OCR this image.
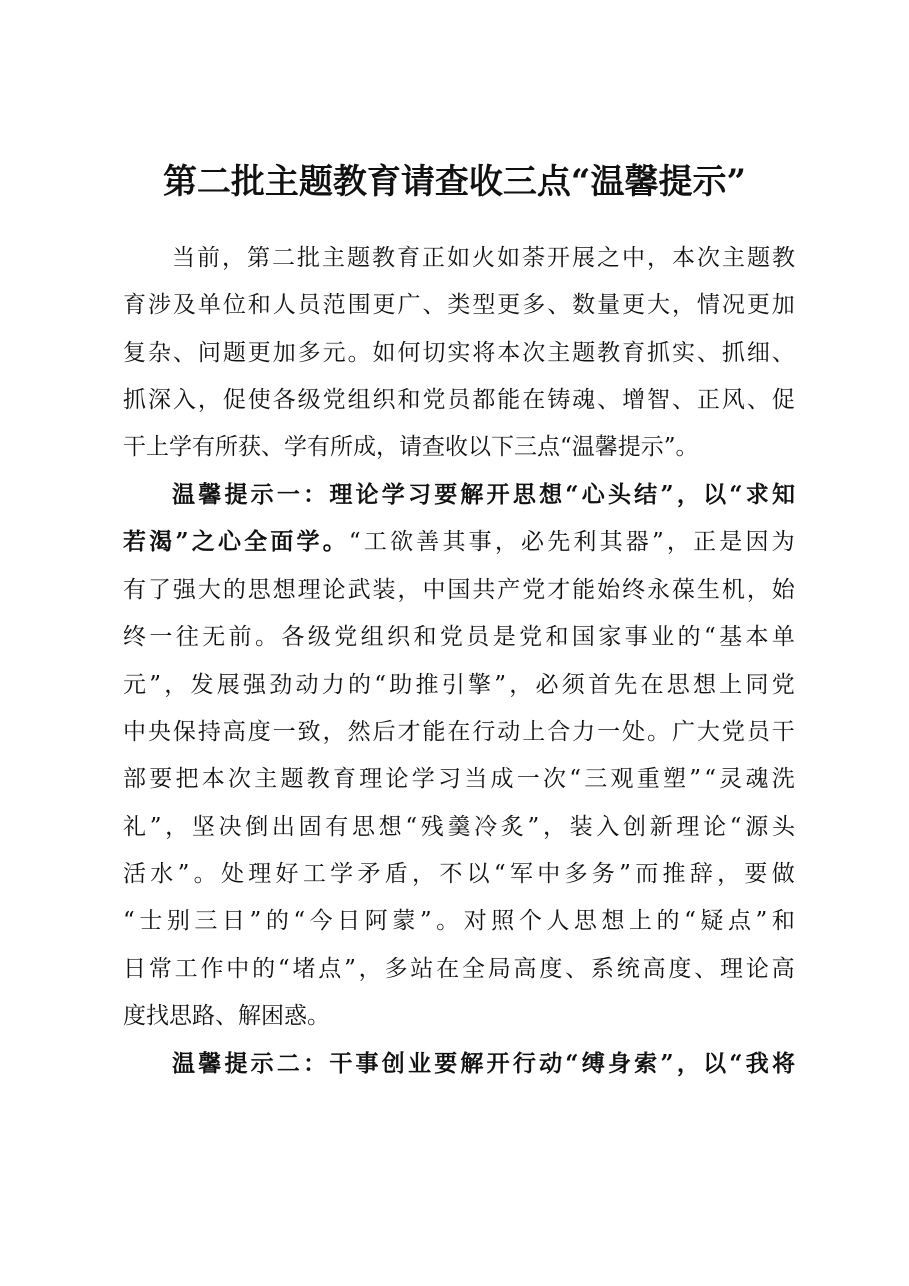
第二批主题教育请查收三点“温馨提示”
当 前 ， 第 二 批 主 题 教 育 正 如 火 如 荼 开 展 之 中 ， 本 次 主 题 教
育 涉 及 单 位 和 人 员 范 围 更 广 、 类 型 更 多 、 数 量 更 大 ， 情 况 更 加
复 杂 、 问 题 更 加 多 元 。 如 何 切 实 将 本 次 主 题 教 育 抓 实 、 抓 细 、
抓 深 入 ， 促 使 各 级 党 组 织 和 党 员 都 能 在 铸 魂 、 增 智 、 正 风 、 促
干 上 学 有 所 获 、 学 有 所 成 ， 请 查 收 以 下 三 点 “ 温 馨 提 示 ” 。
温 馨 提 示 一 ： 理 论 学 习 要 解 开 思 想 “ 心 头 结 ” ， 以 “ 求 知
若 渴 ” 之 心 全 面 学 。 “ 工 欲 善 其 事 ， 必 先 利 其 器 ” ， 正 是 因 为
有 了 强 大 的 思 想 理 论 武 装 ， 中 国 共 产 党 才 能 始 终 永 葆 生 机 ， 始
终 一 往 无 前 。 各 级 党 组 织 和 党 员 是 党 和 国 家 事 业 的 “ 基 本 单
元 ” ， 发 展 强 劲 动 力 的 “ 助 推 引 擎 ” ， 必 须 首 先 在 思 想 上 同 党
中 央 保 持 高 度 一 致 ， 然 后 才 能 在 行 动 上 合 力 一 处 。 广 大 党 员 干
部 要 把 本 次 主 题 教 育 理 论 学 习 当 成 一 次 “ 三 观 重 塑 ” “ 灵 魂 洗
礼 ” ， 坚 决 倒 出 固 有 思 想 “ 残 羹 冷 炙 ” ， 装 入 创 新 理 论 “ 源 头
活 水 ” 。 处 理 好 工 学 矛 盾 ， 不 以 “ 军 中 多 务 ” 而 推 辞 ， 要 做
“ 士 别 三 日 ” 的 “ 今 日 阿 蒙 ” 。 对 照 个 人 思 想 上 的 “ 疑 点 ” 和
日 常 工 作 中 的 “ 堵 点 ” ， 多 站 在 全 局 高 度 、 系 统 高 度 、 理 论 高
度 找 思 路 、 解 困 惑 。
温 馨 提 示 二 ： 干 事 创 业 要 解 开 行 动 “ 缚 身 索 ” ， 以 “ 我 将
